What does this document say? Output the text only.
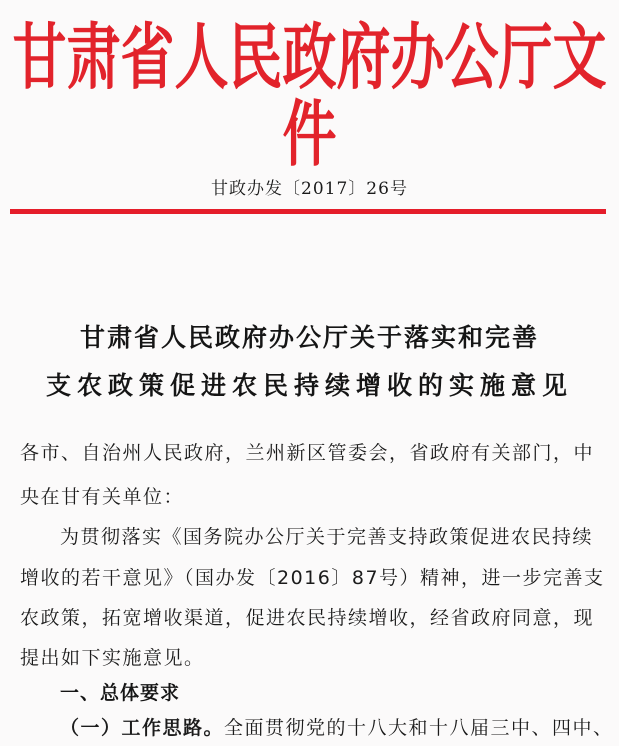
甘肃省人民政府办公厅文件
甘政办发〔2017〕26号
甘肃省人民政府办公厅关于落实和完善
支农政策促进农民持续增收的实施意见
各市、自治州人民政府，兰州新区管委会，省政府有关部门，中
央在甘有关单位：
为贯彻落实《国务院办公厅关于完善支持政策促进农民持续
增收的若干意见》（国办发〔2016〕87号）精神，进一步完善支
农政策，拓宽增收渠道，促进农民持续增收，经省政府同意，现
提出如下实施意见。
一、总体要求
（一）工作思路。全面贯彻党的十八大和十八届三中、四中、
